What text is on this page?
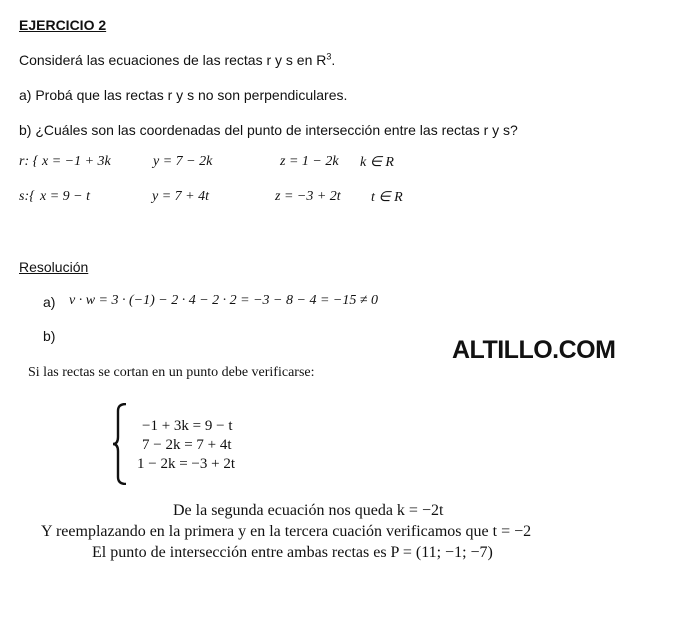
EJERCICIO 2
Considerá las ecuaciones de las rectas r y s en $R^3$.
a) Probá que las rectas r y s no son perpendiculares.
b) ¿Cuáles son las coordenadas del punto de intersección entre las rectas r y s?
r: { x = −1 + 3k	y = 7 − 2k	z = 1 − 2k k ∈ R
s:{ x = 9 − t	y = 7 + 4t	z = −3 + 2t t ∈ R
Resolución
a) v · w = 3 · (−1) − 2 · 4 − 2 · 2 = −3 − 8 − 4 = −15 ≠ 0
b)	ALTILLO.COM
Si las rectas se cortan en un punto debe verificarse:
−1 + 3k = 9 − t
7 − 2k = 7 + 4t
1 − 2k = −3 + 2t
De la segunda ecuación nos queda k = −2t
Y reemplazando en la primera y en la tercera cuación verificamos que t = −2
El punto de intersección entre ambas rectas es P = (11; −1; −7)
